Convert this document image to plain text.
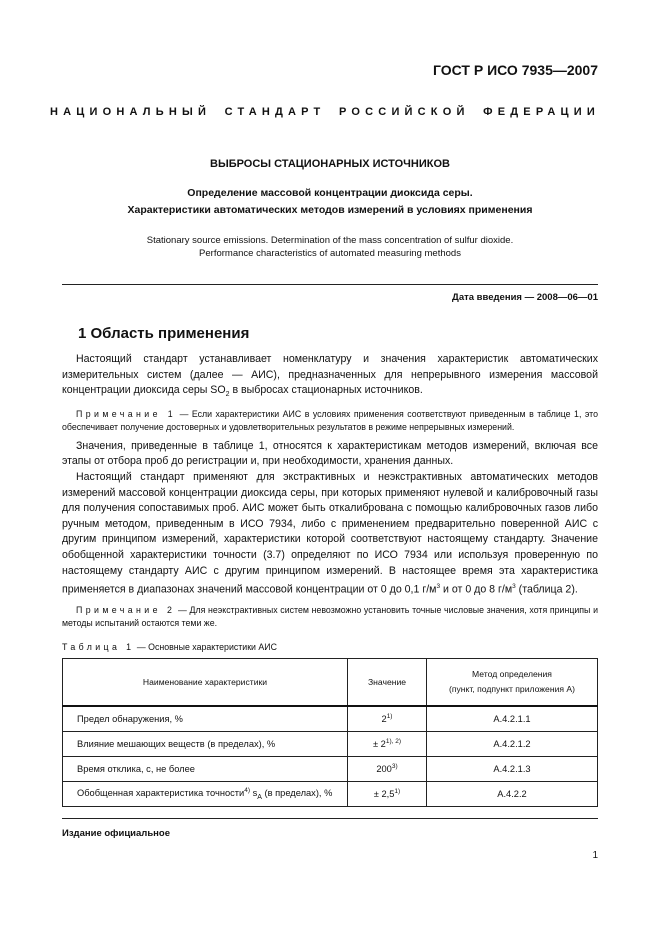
ГОСТ Р ИСО 7935—2007
НАЦИОНАЛЬНЫЙ СТАНДАРТ РОССИЙСКОЙ ФЕДЕРАЦИИ
ВЫБРОСЫ СТАЦИОНАРНЫХ ИСТОЧНИКОВ
Определение массовой концентрации диоксида серы.
Характеристики автоматических методов измерений в условиях применения
Stationary source emissions. Determination of the mass concentration of sulfur dioxide.
Performance characteristics of automated measuring methods
Дата введения — 2008—06—01
1 Область применения

Настоящий стандарт устанавливает номенклатуру и значения характеристик автоматических измерительных систем (далее — АИС), предназначенных для непрерывного измерения массовой концентрации диоксида серы $SO_2$ в выбросах стационарных источников.

Примечание 1 — Если характеристики АИС в условиях применения соответствуют приведенным в таблице 1, это обеспечивает получение достоверных и удовлетворительных результатов в режиме непрерывных измерений.

Значения, приведенные в таблице 1, относятся к характеристикам методов измерений, включая все этапы от отбора проб до регистрации и, при необходимости, хранения данных.

Настоящий стандарт применяют для экстрактивных и неэкстрактивных автоматических методов измерений массовой концентрации диоксида серы, при которых применяют нулевой и калибровочный газы для получения сопоставимых проб. АИС может быть откалибрована с помощью калибровочных газов либо ручным методом, приведенным в ИСО 7934, либо с применением предварительно поверенной АИС с другим принципом измерений, характеристики которой соответствуют настоящему стандарту. Значение обобщенной характеристики точности (3.7) определяют по ИСО 7934 или используя проверенную по настоящему стандарту АИС с другим принципом измерений. В настоящее время эта характеристика применяется в диапазонах значений массовой концентрации от 0 до 0,1 $г/м^3$ и от 0 до 8 $г/м^3$ (таблица 2).

Примечание 2 — Для неэкстрактивных систем невозможно установить точные числовые значения, хотя принципы и методы испытаний остаются теми же.

Таблица 1 — Основные характеристики АИС
Наименование характеристики	Значение	Метод определения
(пункт, подпункт приложения А)

Предел обнаружения, %	2$^{1)}$	A.4.2.1.1
Влияние мешающих веществ (в пределах), %	± $2^{1), 2)}$	A.4.2.1.2
Время отклика, с, не более	200$^{3)}$	A.4.2.1.3
Обобщенная характеристика точности$^{4)}$ $s_A$ (в пределах), %	± $2,5^{1)}$	A.4.2.2
Издание официальное
1
